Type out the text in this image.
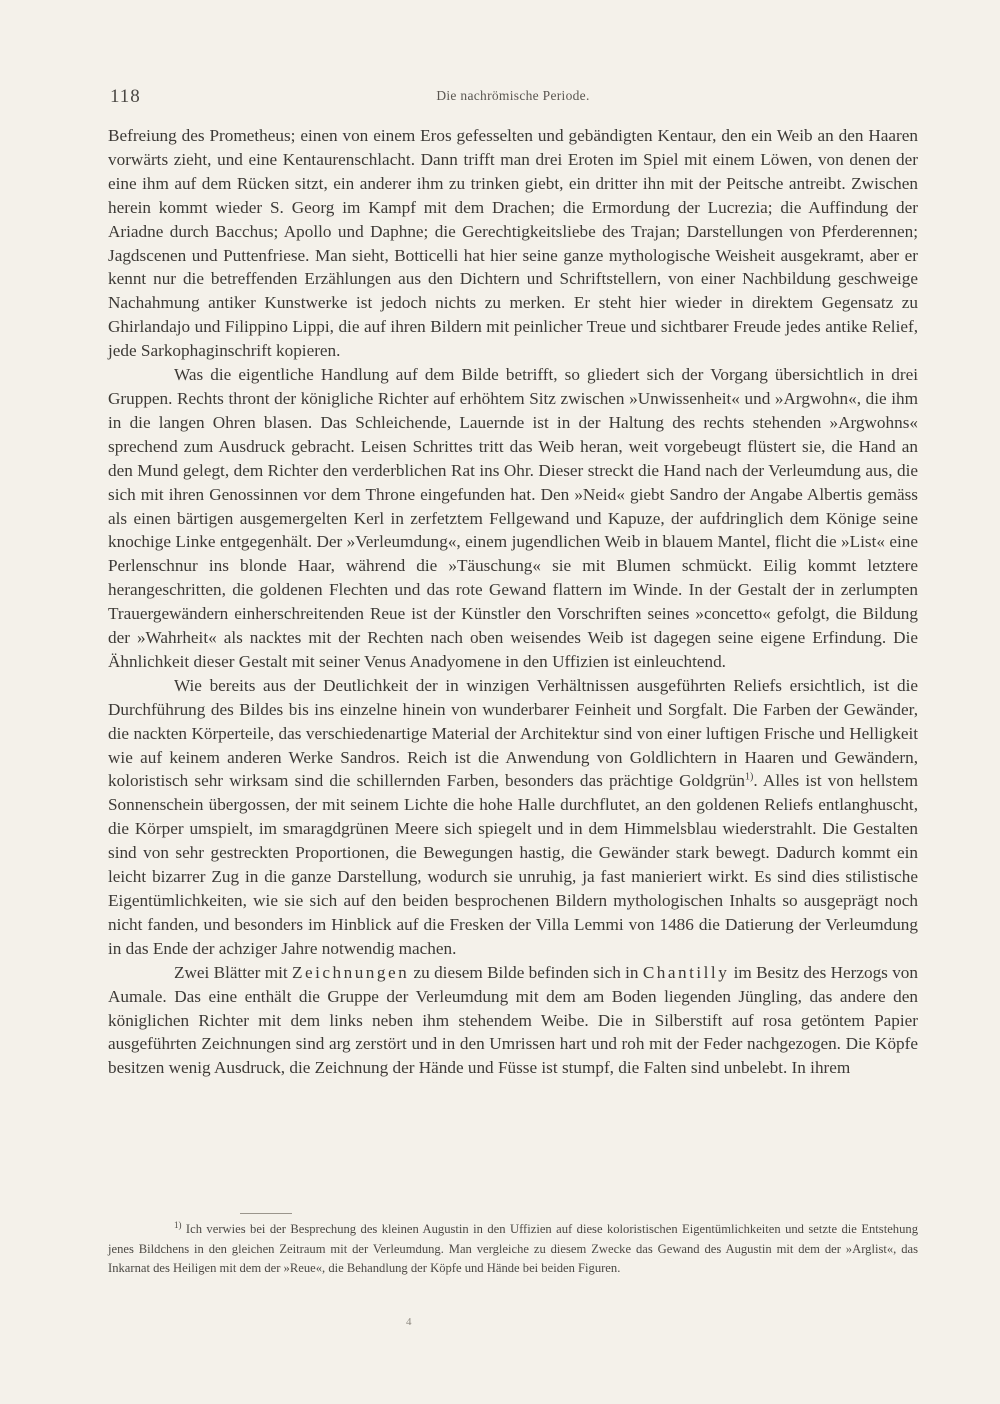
118	Die nachrömische Periode.

Befreiung des Prometheus; einen von einem Eros gefesselten und gebändigten Kentaur, den ein Weib an den Haaren vorwärts zieht, und eine Kentaurenschlacht. Dann trifft man drei Eroten im Spiel mit einem Löwen, von denen der eine ihm auf dem Rücken sitzt, ein anderer ihm zu trinken giebt, ein dritter ihn mit der Peitsche antreibt. Zwischen herein kommt wieder S. Georg im Kampf mit dem Drachen; die Ermordung der Lucrezia; die Auffindung der Ariadne durch Bacchus; Apollo und Daphne; die Gerechtigkeitsliebe des Trajan; Darstellungen von Pferderennen; Jagdscenen und Puttenfriese. Man sieht, Botticelli hat hier seine ganze mythologische Weisheit ausgekramt, aber er kennt nur die betreffenden Erzählungen aus den Dichtern und Schriftstellern, von einer Nachbildung geschweige Nachahmung antiker Kunstwerke ist jedoch nichts zu merken. Er steht hier wieder in direktem Gegensatz zu Ghirlandajo und Filippino Lippi, die auf ihren Bildern mit peinlicher Treue und sichtbarer Freude jedes antike Relief, jede Sarkophaginschrift kopieren.

Was die eigentliche Handlung auf dem Bilde betrifft, so gliedert sich der Vorgang übersichtlich in drei Gruppen. Rechts thront der königliche Richter auf erhöhtem Sitz zwischen »Unwissenheit« und »Argwohn«, die ihm in die langen Ohren blasen. Das Schleichende, Lauernde ist in der Haltung des rechts stehenden »Argwohns« sprechend zum Ausdruck gebracht. Leisen Schrittes tritt das Weib heran, weit vorgebeugt flüstert sie, die Hand an den Mund gelegt, dem Richter den verderblichen Rat ins Ohr. Dieser streckt die Hand nach der Verleumdung aus, die sich mit ihren Genossinnen vor dem Throne eingefunden hat. Den »Neid« giebt Sandro der Angabe Albertis gemäss als einen bärtigen ausgemergelten Kerl in zerfetztem Fellgewand und Kapuze, der aufdringlich dem Könige seine knochige Linke entgegenhält. Der »Verleumdung«, einem jugendlichen Weib in blauem Mantel, flicht die »List« eine Perlenschnur ins blonde Haar, während die »Täuschung« sie mit Blumen schmückt. Eilig kommt letztere herangeschritten, die goldenen Flechten und das rote Gewand flattern im Winde. In der Gestalt der in zerlumpten Trauergewändern einherschreitenden Reue ist der Künstler den Vorschriften seines »concetto« gefolgt, die Bildung der »Wahrheit« als nacktes mit der Rechten nach oben weisendes Weib ist dagegen seine eigene Erfindung. Die Ähnlichkeit dieser Gestalt mit seiner Venus Anadyomene in den Uffizien ist einleuchtend.

Wie bereits aus der Deutlichkeit der in winzigen Verhältnissen ausgeführten Reliefs ersichtlich, ist die Durchführung des Bildes bis ins einzelne hinein von wunderbarer Feinheit und Sorgfalt. Die Farben der Gewänder, die nackten Körperteile, das verschiedenartige Material der Architektur sind von einer luftigen Frische und Helligkeit wie auf keinem anderen Werke Sandros. Reich ist die Anwendung von Goldlichtern in Haaren und Gewändern, koloristisch sehr wirksam sind die schillernden Farben, besonders das prächtige Goldgrün$^{1)}$. Alles ist von hellstem Sonnenschein übergossen, der mit seinem Lichte die hohe Halle durchflutet, an den goldenen Reliefs entlanghuscht, die Körper umspielt, im smaragdgrünen Meere sich spiegelt und in dem Himmelsblau wiederstrahlt. Die Gestalten sind von sehr gestreckten Proportionen, die Bewegungen hastig, die Gewänder stark bewegt. Dadurch kommt ein leicht bizarrer Zug in die ganze Darstellung, wodurch sie unruhig, ja fast manieriert wirkt. Es sind dies stilistische Eigentümlichkeiten, wie sie sich auf den beiden besprochenen Bildern mythologischen Inhalts so ausgeprägt noch nicht fanden, und besonders im Hinblick auf die Fresken der Villa Lemmi von 1486 die Datierung der Verleumdung in das Ende der achziger Jahre notwendig machen.

Zwei Blätter mit Zeichnungen zu diesem Bilde befinden sich in Chantilly im Besitz des Herzogs von Aumale. Das eine enthält die Gruppe der Verleumdung mit dem am Boden liegenden Jüngling, das andere den königlichen Richter mit dem links neben ihm stehendem Weibe. Die in Silberstift auf rosa getöntem Papier ausgeführten Zeichnungen sind arg zerstört und in den Umrissen hart und roh mit der Feder nachgezogen. Die Köpfe besitzen wenig Ausdruck, die Zeichnung der Hände und Füsse ist stumpf, die Falten sind unbelebt. In ihrem

$^{1)}$ Ich verwies bei der Besprechung des kleinen Augustin in den Uffizien auf diese koloristischen Eigentümlichkeiten und setzte die Entstehung jenes Bildchens in den gleichen Zeitraum mit der Verleumdung. Man vergleiche zu diesem Zwecke das Gewand des Augustin mit dem der »Arglist«, das Inkarnat des Heiligen mit dem der »Reue«, die Behandlung der Köpfe und Hände bei beiden Figuren.

4
